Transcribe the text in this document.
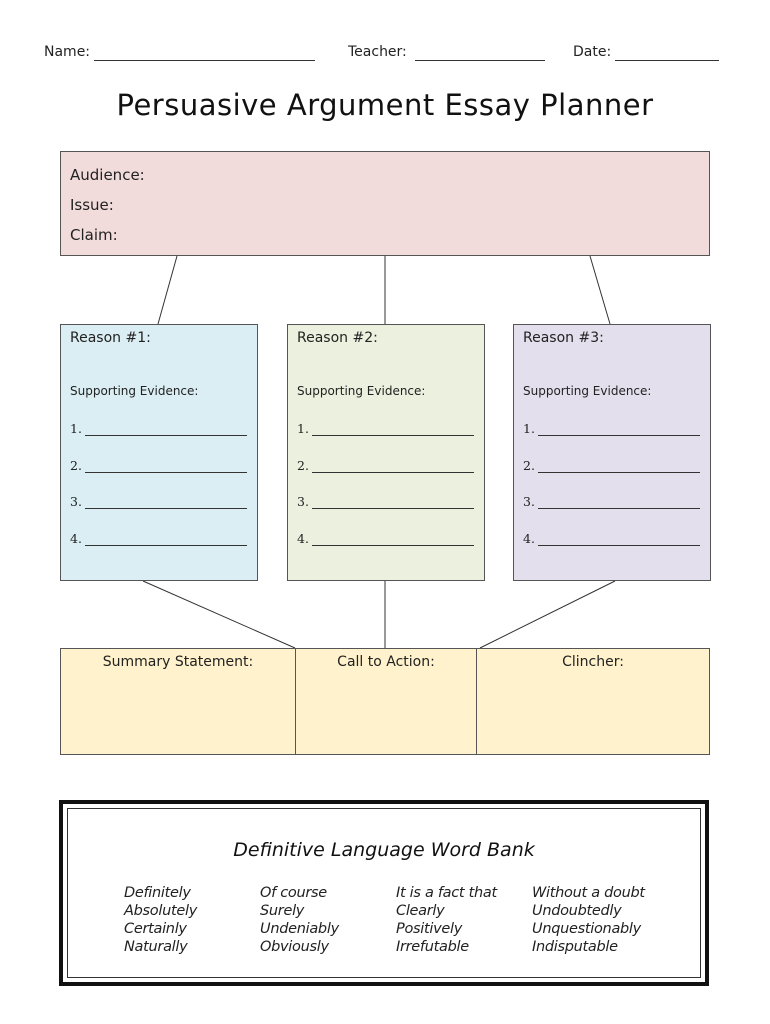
Name:	Teacher:	Date:
Persuasive Argument Essay Planner
Audience:
Issue:
Claim:
Reason #1:
Supporting Evidence:
1.
2.
3.
4.
Reason #2:
Supporting Evidence:
1.
2.
3.
4.
Reason #3:
Supporting Evidence:
1.
2.
3.
4.
Summary Statement:	Call to Action:	Clincher:
Definitive Language Word Bank
Definitely
Absolutely
Certainly
Naturally
Of course
Surely
Undeniably
Obviously
It is a fact that
Clearly
Positively
Irrefutable
Without a doubt
Undoubtedly
Unquestionably
Indisputable
